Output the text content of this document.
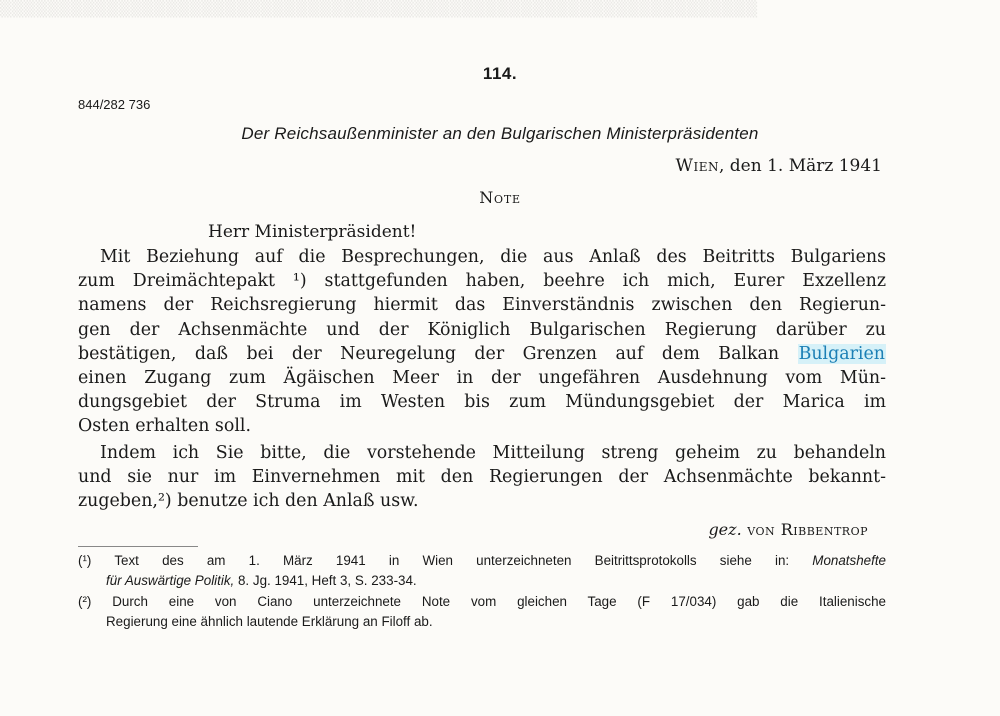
▒▒▒▒▒▒▒▒▒▒▒▒▒▒▒▒▒▒▒▒▒▒▒▒▒▒▒▒▒▒▒▒▒▒▒▒▒▒▒▒▒▒▒▒▒▒▒▒▒▒▒▒▒▒▒▒▒▒▒▒▒▒▒▒
114.
844/282 736
Der Reichsaußenminister an den Bulgarischen Ministerpräsidenten
Wien, den 1. März 1941
Note
Herr Ministerpräsident!
Mit Beziehung auf die Besprechungen, die aus Anlaß des Beitritts Bulgariens
zum Dreimächtepakt ¹) stattgefunden haben, beehre ich mich, Eurer Exzellenz
namens der Reichsregierung hiermit das Einverständnis zwischen den Regierun-
gen der Achsenmächte und der Königlich Bulgarischen Regierung darüber zu
bestätigen, daß bei der Neuregelung der Grenzen auf dem Balkan Bulgarien
einen Zugang zum Ägäischen Meer in der ungefähren Ausdehnung vom Mün-
dungsgebiet der Struma im Westen bis zum Mündungsgebiet der Marica im
Osten erhalten soll.
Indem ich Sie bitte, die vorstehende Mitteilung streng geheim zu behandeln
und sie nur im Einvernehmen mit den Regierungen der Achsenmächte bekannt-
zugeben,²) benutze ich den Anlaß usw.
gez. von Ribbentrop
(¹) Text des am 1. März 1941 in Wien unterzeichneten Beitrittsprotokolls siehe in: Monatshefte
für Auswärtige Politik, 8. Jg. 1941, Heft 3, S. 233-34.
(²) Durch eine von Ciano unterzeichnete Note vom gleichen Tage (F 17/034) gab die Italienische
Regierung eine ähnlich lautende Erklärung an Filoff ab.
